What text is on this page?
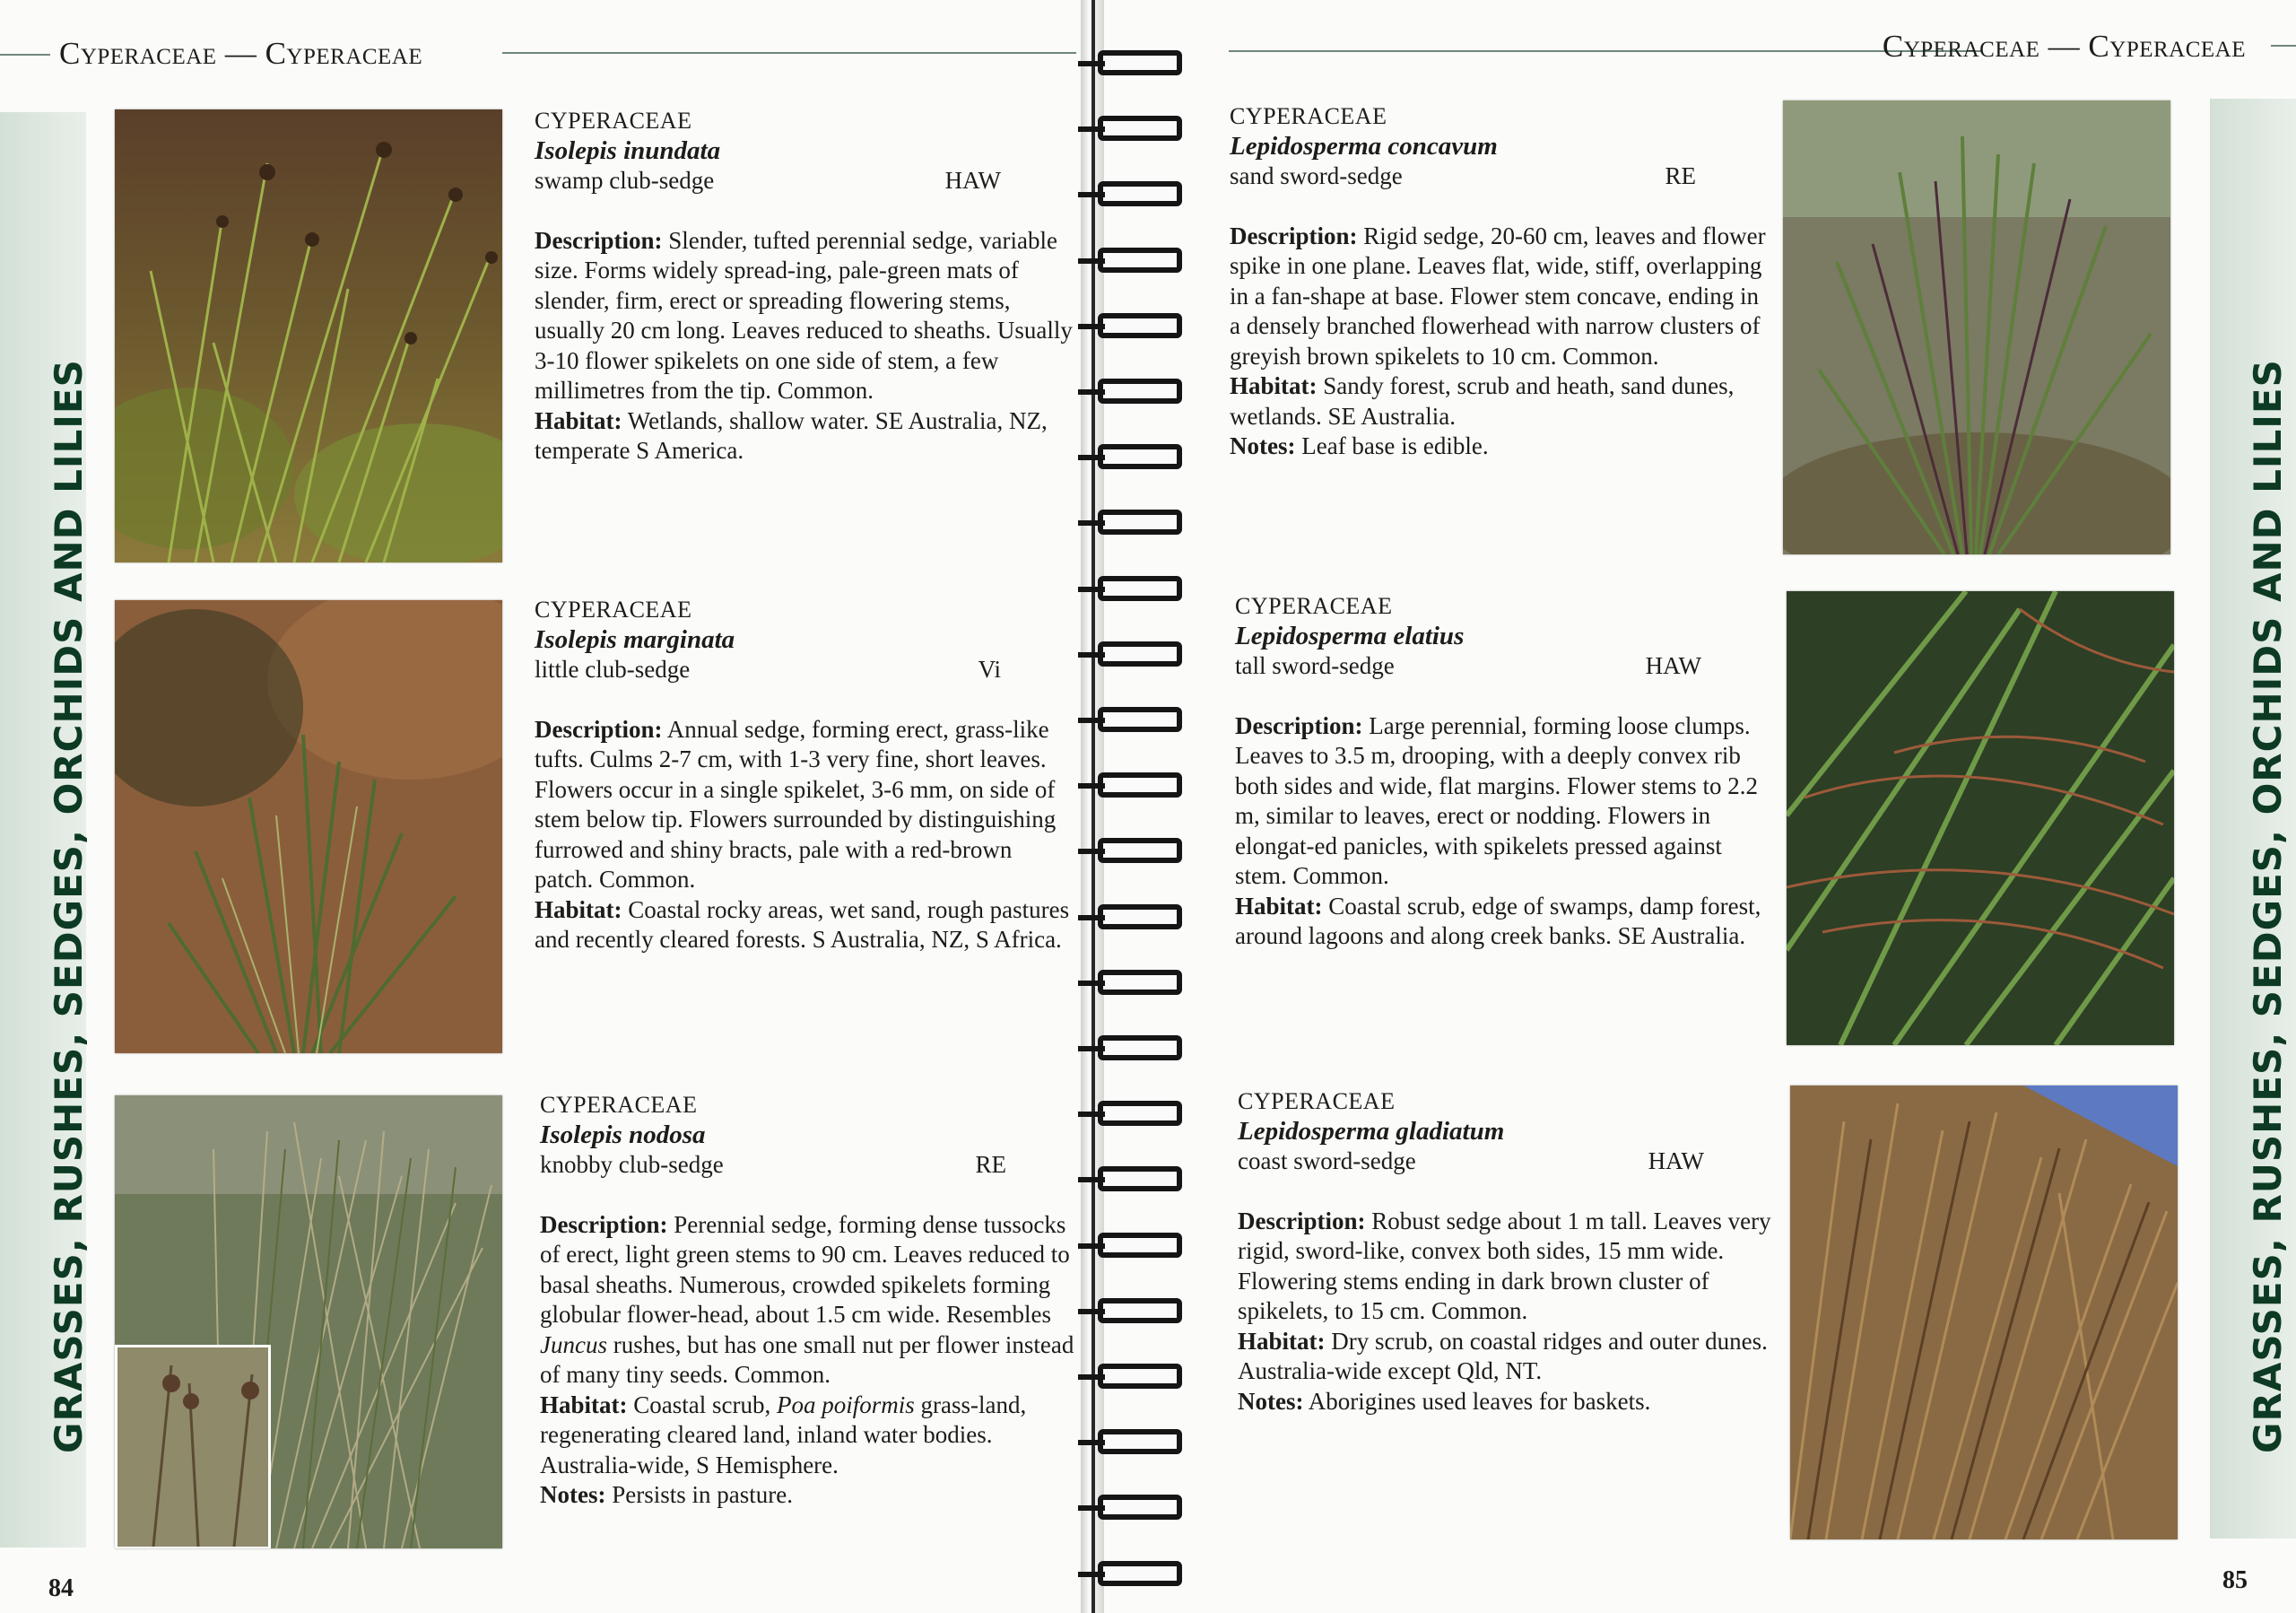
GRASSES, RUSHES, SEDGES, ORCHIDS AND LILIES
Cyperaceae — Cyperaceae
CYPERACEAE
Isolepis inundata
swamp club-sedge	HAW

Description: Slender, tufted perennial sedge, variable size. Forms widely spread-ing, pale-green mats of slender, firm, erect or spreading flowering stems, usually 20 cm long. Leaves reduced to sheaths. Usually 3-10 flower spikelets on one side of stem, a few millimetres from the tip. Common.

Habitat: Wetlands, shallow water. SE Australia, NZ, temperate S America.

CYPERACEAE
Isolepis marginata
little club-sedge	Vi

Description: Annual sedge, forming erect, grass-like tufts. Culms 2-7 cm, with 1-3 very fine, short leaves. Flowers occur in a single spikelet, 3-6 mm, on side of stem below tip. Flowers surrounded by distinguishing furrowed and shiny bracts, pale with a red-brown patch. Common.

Habitat: Coastal rocky areas, wet sand, rough pastures and recently cleared forests. S Australia, NZ, S Africa.

CYPERACEAE
Isolepis nodosa
knobby club-sedge	RE

Description: Perennial sedge, forming dense tussocks of erect, light green stems to 90 cm. Leaves reduced to basal sheaths. Numerous, crowded spikelets forming globular flower-head, about 1.5 cm wide. Resembles Juncus rushes, but has one small nut per flower instead of many tiny seeds. Common.

Habitat: Coastal scrub, Poa poiformis grass-land, regenerating cleared land, inland water bodies. Australia-wide, S Hemisphere.

Notes: Persists in pasture.

84
Cyperaceae — Cyperaceae
CYPERACEAE
Lepidosperma concavum
sand sword-sedge	RE

Description: Rigid sedge, 20-60 cm, leaves and flower spike in one plane. Leaves flat, wide, stiff, overlapping in a fan-shape at base. Flower stem concave, ending in a densely branched flowerhead with narrow clusters of greyish brown spikelets to 10 cm. Common.

Habitat: Sandy forest, scrub and heath, sand dunes, wetlands. SE Australia.

Notes: Leaf base is edible.

CYPERACEAE
Lepidosperma elatius
tall sword-sedge	HAW

Description: Large perennial, forming loose clumps. Leaves to 3.5 m, drooping, with a deeply convex rib both sides and wide, flat margins. Flower stems to 2.2 m, similar to leaves, erect or nodding. Flowers in elongat-ed panicles, with spikelets pressed against stem. Common.

Habitat: Coastal scrub, edge of swamps, damp forest, around lagoons and along creek banks. SE Australia.

CYPERACEAE
Lepidosperma gladiatum
coast sword-sedge	HAW

Description: Robust sedge about 1 m tall. Leaves very rigid, sword-like, convex both sides, 15 mm wide. Flowering stems ending in dark brown cluster of spikelets, to 15 cm. Common.

Habitat: Dry scrub, on coastal ridges and outer dunes. Australia-wide except Qld, NT.

Notes: Aborigines used leaves for baskets.	GRASSES, RUSHES, SEDGES, ORCHIDS AND LILIES
85
